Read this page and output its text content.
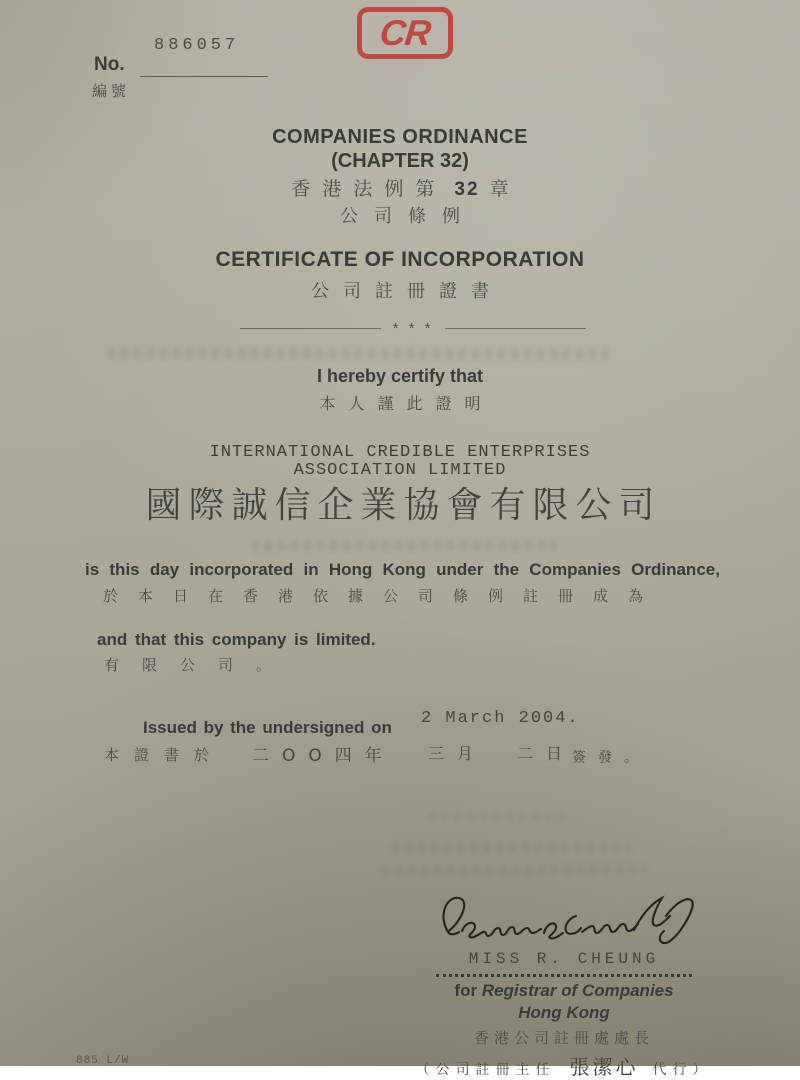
886057
No.
編號
CR
COMPANIES ORDINANCE
(CHAPTER 32)
香港法例第 32 章
公司條例
CERTIFICATE OF INCORPORATION
公司註冊證書
* * *
I hereby certify that
本人謹此證明
INTERNATIONAL CREDIBLE ENTERPRISES
ASSOCIATION LIMITED
國際誠信企業協會有限公司
is this day incorporated in Hong Kong under the Companies Ordinance,
於本日在香港依據公司條例註冊成為
and that this company is limited.
有限公司。
Issued by the undersigned on 2 March 2004.
本證書於 二OO四年 三月 二日
簽發。
MISS R. CHEUNG
for Registrar of Companies
Hong Kong
香港公司註冊處處長
（公司註冊主任 張潔心 代行）
885 L/W
